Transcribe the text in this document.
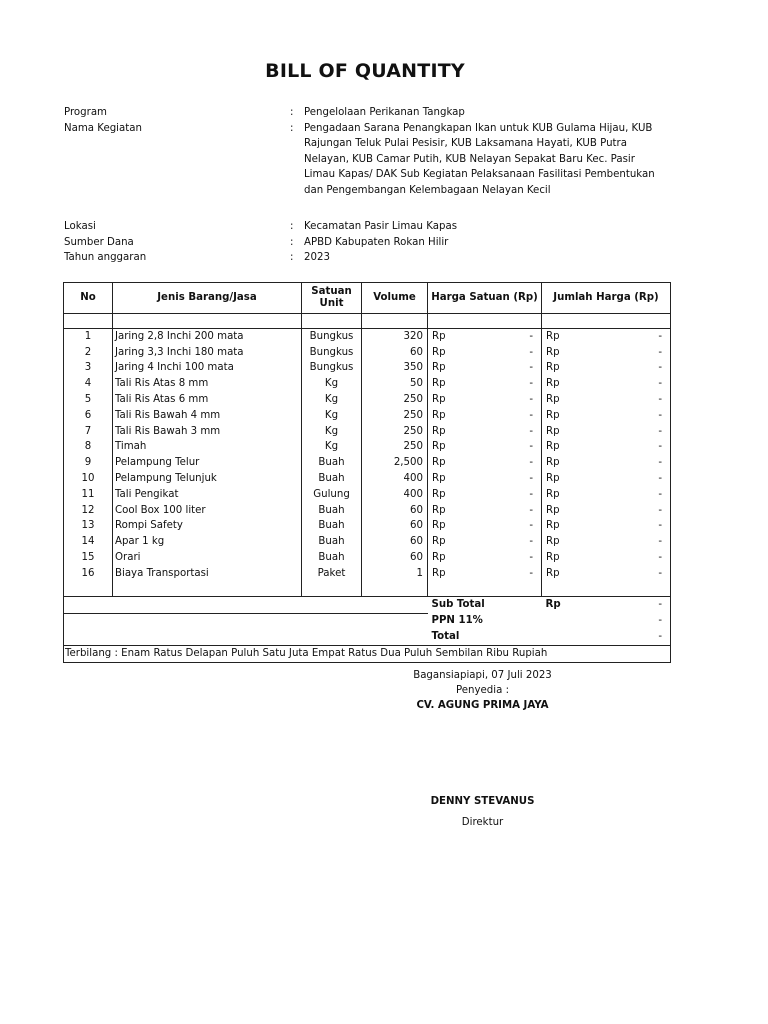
BILL OF QUANTITY
Program	:	Pengelolaan Perikanan Tangkap
Nama Kegiatan	:	Pengadaan Sarana Penangkapan Ikan untuk KUB Gulama Hijau, KUB Rajungan Teluk Pulai Pesisir, KUB Laksamana Hayati, KUB Putra Nelayan, KUB Camar Putih, KUB Nelayan Sepakat Baru Kec. Pasir Limau Kapas/ DAK Sub Kegiatan Pelaksanaan Fasilitasi Pembentukan dan Pengembangan Kelembagaan Nelayan Kecil
Lokasi	:	Kecamatan Pasir Limau Kapas
Sumber Dana	:	APBD Kabupaten Rokan Hilir
Tahun anggaran	:	2023
No	Jenis Barang/Jasa	Satuan Unit	Volume	Harga Satuan (Rp)	Jumlah Harga (Rp)

1	Jaring 2,8 Inchi 200 mata	Bungkus	320	Rp -	Rp -

2	Jaring 3,3 Inchi 180 mata	Bungkus	60	Rp -	Rp -

3	Jaring 4 Inchi 100 mata	Bungkus	350	Rp -	Rp -

4	Tali Ris Atas 8 mm	Kg	50	Rp -	Rp -

5	Tali Ris Atas 6 mm	Kg	250	Rp -	Rp -

6	Tali Ris Bawah 4 mm	Kg	250	Rp -	Rp -

7	Tali Ris Bawah 3 mm	Kg	250	Rp -	Rp -

8	Timah	Kg	250	Rp -	Rp -

9	Pelampung Telur	Buah	2,500	Rp -	Rp -

10	Pelampung Telunjuk	Buah	400	Rp -	Rp -

11	Tali Pengikat	Gulung	400	Rp -	Rp -

12	Cool Box 100 liter	Buah	60	Rp -	Rp -

13	Rompi Safety	Buah	60	Rp -	Rp -

14	Apar 1 kg	Buah	60	Rp -	Rp -

15	Orari	Buah	60	Rp -	Rp -

16	Biaya Transportasi	Paket	1	Rp -	Rp -

				Sub Total	Rp -

				PPN 11%	-

				Total	-

Terbilang : Enam Ratus Delapan Puluh Satu Juta Empat Ratus Dua Puluh Sembilan Ribu Rupiah					
Bagansiapiapi, 07 Juli 2023
Penyedia :
CV. AGUNG PRIMA JAYA
DENNY STEVANUS
Direktur
